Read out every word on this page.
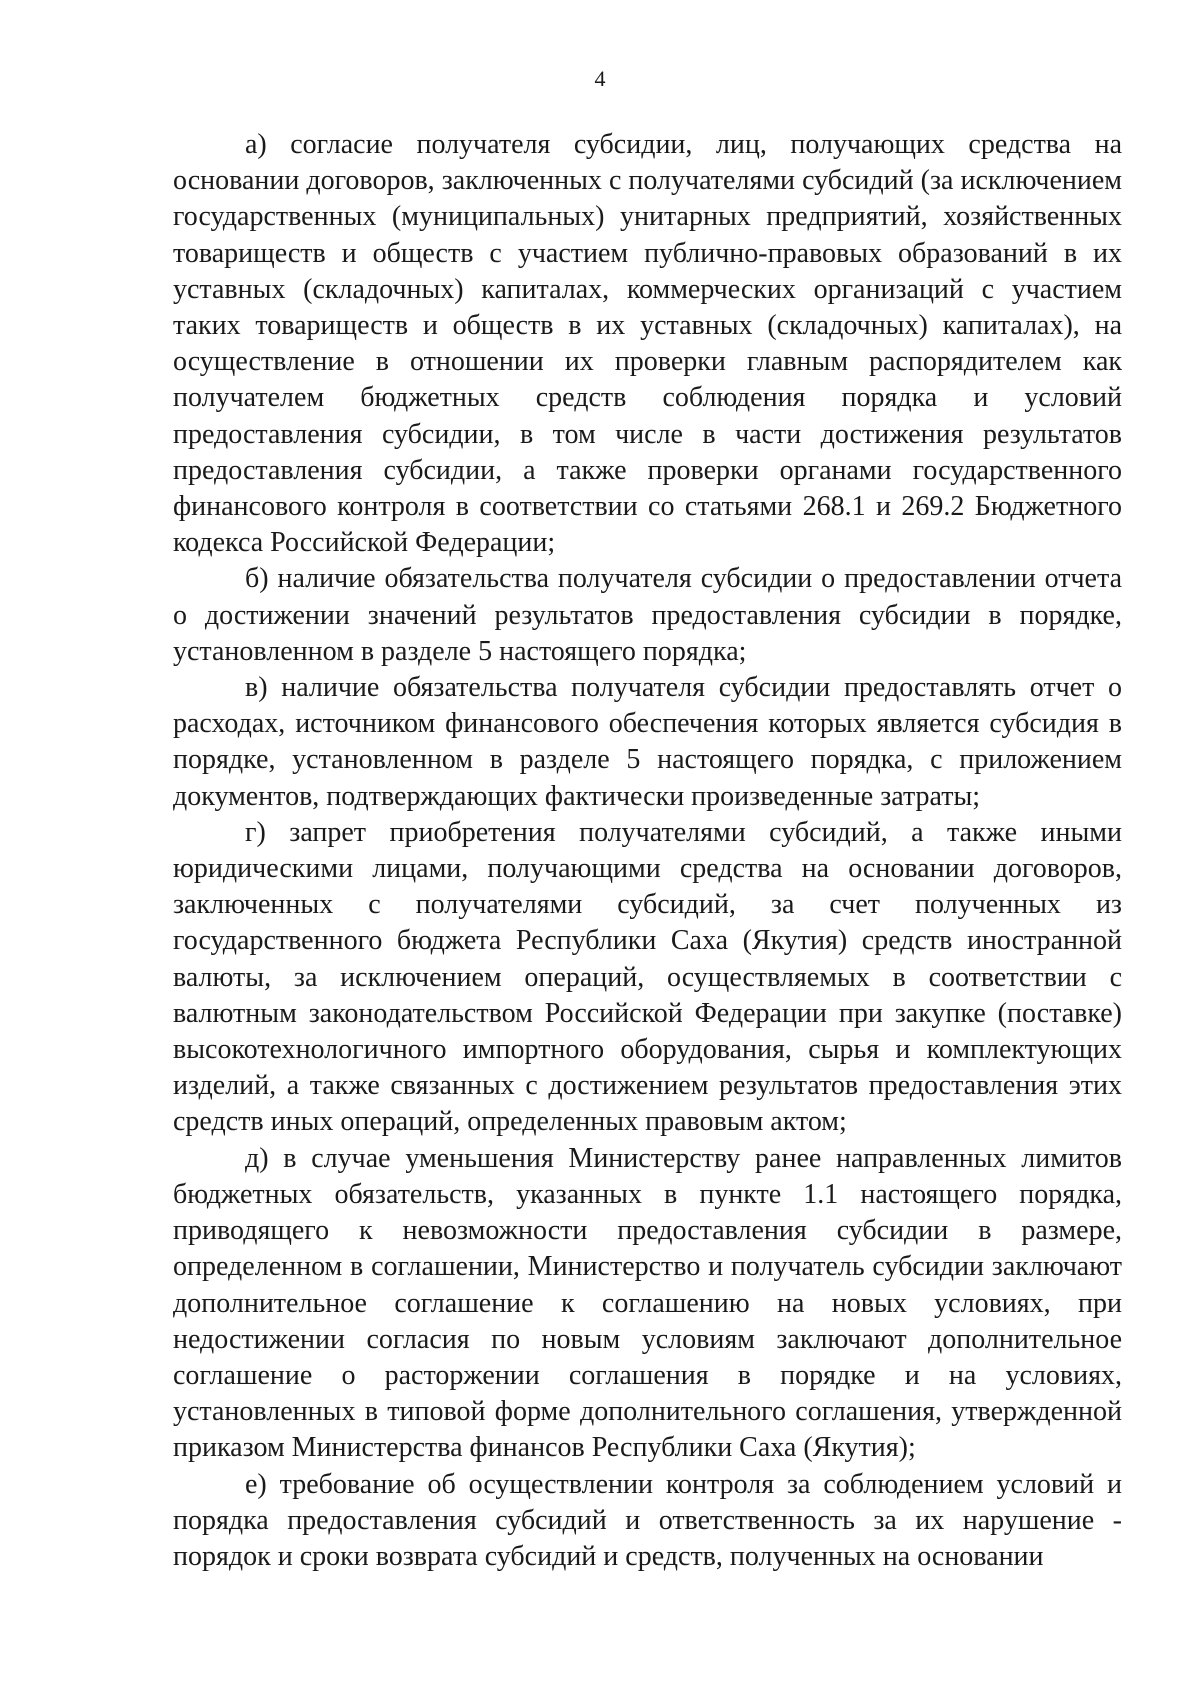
4

а) согласие получателя субсидии, лиц, получающих средства на основании договоров, заключенных с получателями субсидий (за исключением государственных (муниципальных) унитарных предприятий, хозяйственных товариществ и обществ с участием публично-правовых образований в их уставных (складочных) капиталах, коммерческих организаций с участием таких товариществ и обществ в их уставных (складочных) капиталах), на осуществление в отношении их проверки главным распорядителем как получателем бюджетных средств соблюдения порядка и условий предоставления субсидии, в том числе в части достижения результатов предоставления субсидии, а также проверки органами государственного финансового контроля в соответствии со статьями 268.1 и 269.2 Бюджетного кодекса Российской Федерации;

б) наличие обязательства получателя субсидии о предоставлении отчета о достижении значений результатов предоставления субсидии в порядке, установленном в разделе 5 настоящего порядка;

в) наличие обязательства получателя субсидии предоставлять отчет о расходах, источником финансового обеспечения которых является субсидия в порядке, установленном в разделе 5 настоящего порядка, с приложением документов, подтверждающих фактически произведенные затраты;

г) запрет приобретения получателями субсидий, а также иными юридическими лицами, получающими средства на основании договоров, заключенных с получателями субсидий, за счет полученных из государственного бюджета Республики Саха (Якутия) средств иностранной валюты, за исключением операций, осуществляемых в соответствии с валютным законодательством Российской Федерации при закупке (поставке) высокотехнологичного импортного оборудования, сырья и комплектующих изделий, а также связанных с достижением результатов предоставления этих средств иных операций, определенных правовым актом;

д) в случае уменьшения Министерству ранее направленных лимитов бюджетных обязательств, указанных в пункте 1.1 настоящего порядка, приводящего к невозможности предоставления субсидии в размере, определенном в соглашении, Министерство и получатель субсидии заключают дополнительное соглашение к соглашению на новых условиях, при недостижении согласия по новым условиям заключают дополнительное соглашение о расторжении соглашения в порядке и на условиях, установленных в типовой форме дополнительного соглашения, утвержденной приказом Министерства финансов Республики Саха (Якутия);

е) требование об осуществлении контроля за соблюдением условий и порядка предоставления субсидий и ответственность за их нарушение - порядок и сроки возврата субсидий и средств, полученных на основании
